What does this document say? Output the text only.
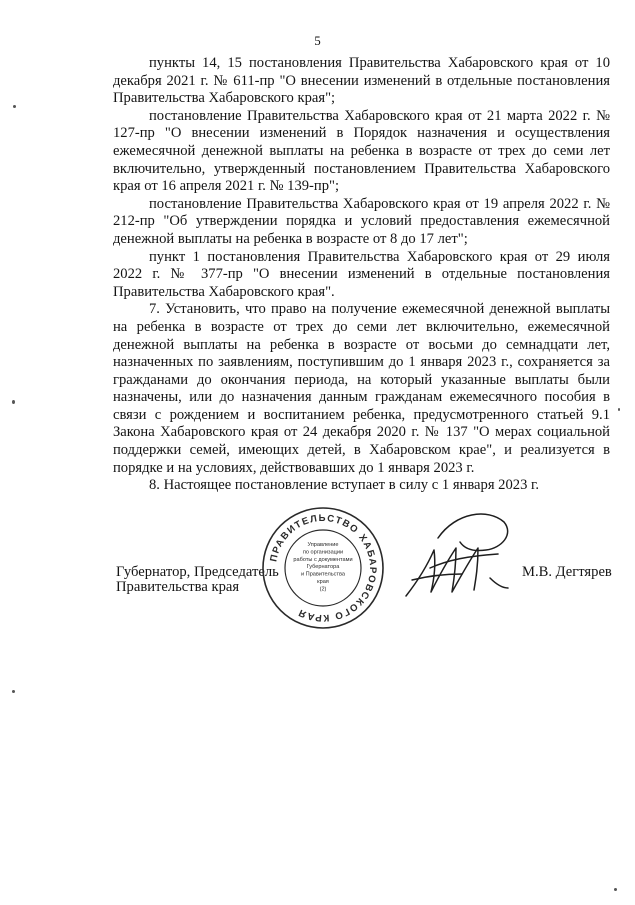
5

пункты 14, 15 постановления Правительства Хабаровского края от 10 декабря 2021 г. № 611-пр "О внесении изменений в отдельные постановления Правительства Хабаровского края";

постановление Правительства Хабаровского края от 21 марта 2022 г. № 127-пр "О внесении изменений в Порядок назначения и осуществления ежемесячной денежной выплаты на ребенка в возрасте от трех до семи лет включительно, утвержденный постановлением Правительства Хабаровского края от 16 апреля 2021 г. № 139-пр";

постановление Правительства Хабаровского края от 19 апреля 2022 г. № 212-пр "Об утверждении порядка и условий предоставления ежемесячной денежной выплаты на ребенка в возрасте от 8 до 17 лет";

пункт 1 постановления Правительства Хабаровского края от 29 июля 2022 г. № 377-пр "О внесении изменений в отдельные постановления Правительства Хабаровского края".

7. Установить, что право на получение ежемесячной денежной выплаты на ребенка в возрасте от трех до семи лет включительно, ежемесячной денежной выплаты на ребенка в возрасте от восьми до семнадцати лет, назначенных по заявлениям, поступившим до 1 января 2023 г., сохраняется за гражданами до окончания периода, на который указанные выплаты были назначены, или до назначения данным гражданам ежемесячного пособия в связи с рождением и воспитанием ребенка, предусмотренного статьей 9.1 Закона Хабаровского края от 24 декабря 2020 г. № 137 "О мерах социальной поддержки семей, имеющих детей, в Хабаровском крае", и реализуется в порядке и на условиях, действовавших до 1 января 2023 г.

8. Настоящее постановление вступает в силу с 1 января 2023 г.

Губернатор, Председатель
Правительства края
М.В. Дегтярев
ПРАВИТЕЛЬСТВО ХАБАРОВСКОГО КРАЯ
Управление
по организации
работы с документами
Губернатора
и Правительства
края
(2)
